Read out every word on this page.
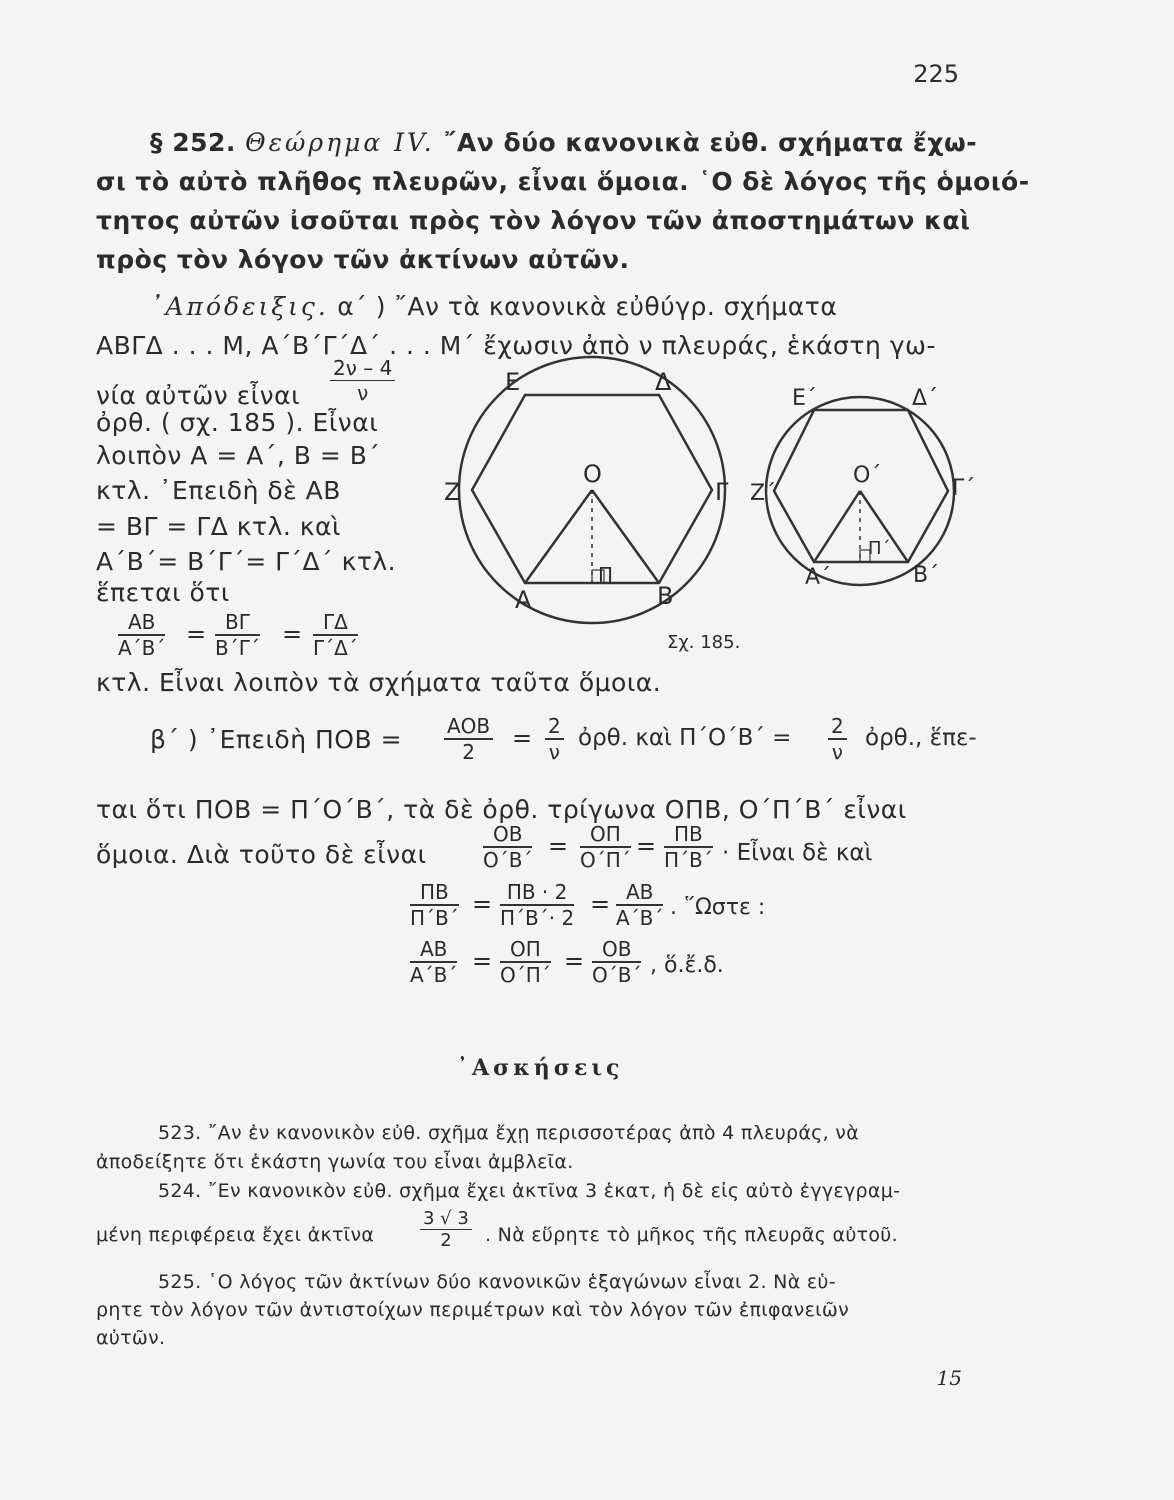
225
§ 252. Θεώρημα IV. ῎Αν δύο κανονικὰ εὐθ. σχήματα ἔχω-
σι τὸ αὐτὸ πλῆθος πλευρῶν, εἶναι ὅμοια. ῾Ο δὲ λόγος τῆς ὁμοιό-
τητος αὐτῶν ἰσοῦται πρὸς τὸν λόγον τῶν ἀποστημάτων καὶ
πρὸς τὸν λόγον τῶν ἀκτίνων αὐτῶν.
᾽Απόδειξις. α΄ ) ῎Αν τὰ κανονικὰ εὐθύγρ. σχήματα
ΑΒΓΔ . . . Μ, Α΄Β΄Γ΄Δ΄ . . . Μ΄ ἔχωσιν ἀπὸ ν πλευράς, ἑκάστη γω-
νία αὐτῶν εἶναι $\frac{2\nu - 4}{\nu}$
ὀρθ. ( σχ. 185 ). Εἶναι
λοιπὸν Α = Α΄, Β = Β΄
κτλ. ᾽Επειδὴ δὲ ΑΒ
= ΒΓ = ΓΔ κτλ. καὶ
Α΄Β΄= Β΄Γ΄= Γ΄Δ΄ κτλ.
ἕπεται ὅτι
$\frac{AB}{A΄B΄} = \frac{B\Gamma}{B΄\Gamma΄} = \frac{\Gamma\Delta}{\Gamma΄\Delta΄}$
κτλ. Εἶναι λοιπὸν τὰ σχήματα ταῦτα ὅμοια.
Ε	Δ
Ζ	Γ
Ο
Α	Β
Π
Ε΄	Δ΄
Ζ΄	Γ΄
Ο΄
Α΄	Β΄
Π΄
Σχ. 185.
β΄ ) ᾽Επειδὴ ΠΟΒ = ΑΟΒ
2	= $\frac{2}{\nu}$ ὀρθ. καὶ $\Pi΄O΄B΄ = \frac{2}{\nu}$ ὀρθ., ἕπε-
ται ὅτι ΠΟΒ = Π΄Ο΄Β΄, τὰ δὲ ὀρθ. τρίγωνα ΟΠΒ, Ο΄Π΄Β΄ εἶναι
ὅμοια. Διὰ τοῦτο δὲ εἶναι	$\frac{OB}{O΄B΄} = \frac{O\Pi}{O΄\Pi΄} = \frac{\Pi B}{\Pi΄B΄}$ · Εἶναι δὲ καὶ
$\frac{\Pi B}{\Pi΄B΄} = \frac{\Pi B \cdot 2}{\Pi΄B΄\cdot 2} = \frac{AB}{A΄B΄}$ . ῞Ωστε :
$\frac{AB}{A΄B΄} = \frac{O\Pi}{O΄\Pi΄} = \frac{OB}{O΄B΄}$ , ὅ.ἔ.δ.
᾽Ασκήσεις
523. ῎Αν ἐν κανονικὸν εὐθ. σχῆμα ἔχῃ περισσοτέρας ἀπὸ 4 πλευράς, νὰ
ἀποδείξητε ὅτι ἑκάστη γωνία του εἶναι ἀμβλεῖα.
524. ῎Εν κανονικὸν εὐθ. σχῆμα ἔχει ἀκτῖνα 3 ἑκατ, ἡ δὲ εἰς αὐτὸ ἐγγεγραμ-
μένη περιφέρεια ἔχει ἀκτῖνα	$\frac{3 √ 3}{2}$ . Νὰ εὕρητε τὸ μῆκος τῆς πλευρᾶς αὐτοῦ.
525. ῾Ο λόγος τῶν ἀκτίνων δύο κανονικῶν ἑξαγώνων εἶναι 2. Νὰ εὑ-
ρητε τὸν λόγον τῶν ἀντιστοίχων περιμέτρων καὶ τὸν λόγον τῶν ἐπιφανειῶν
αὐτῶν.
15
